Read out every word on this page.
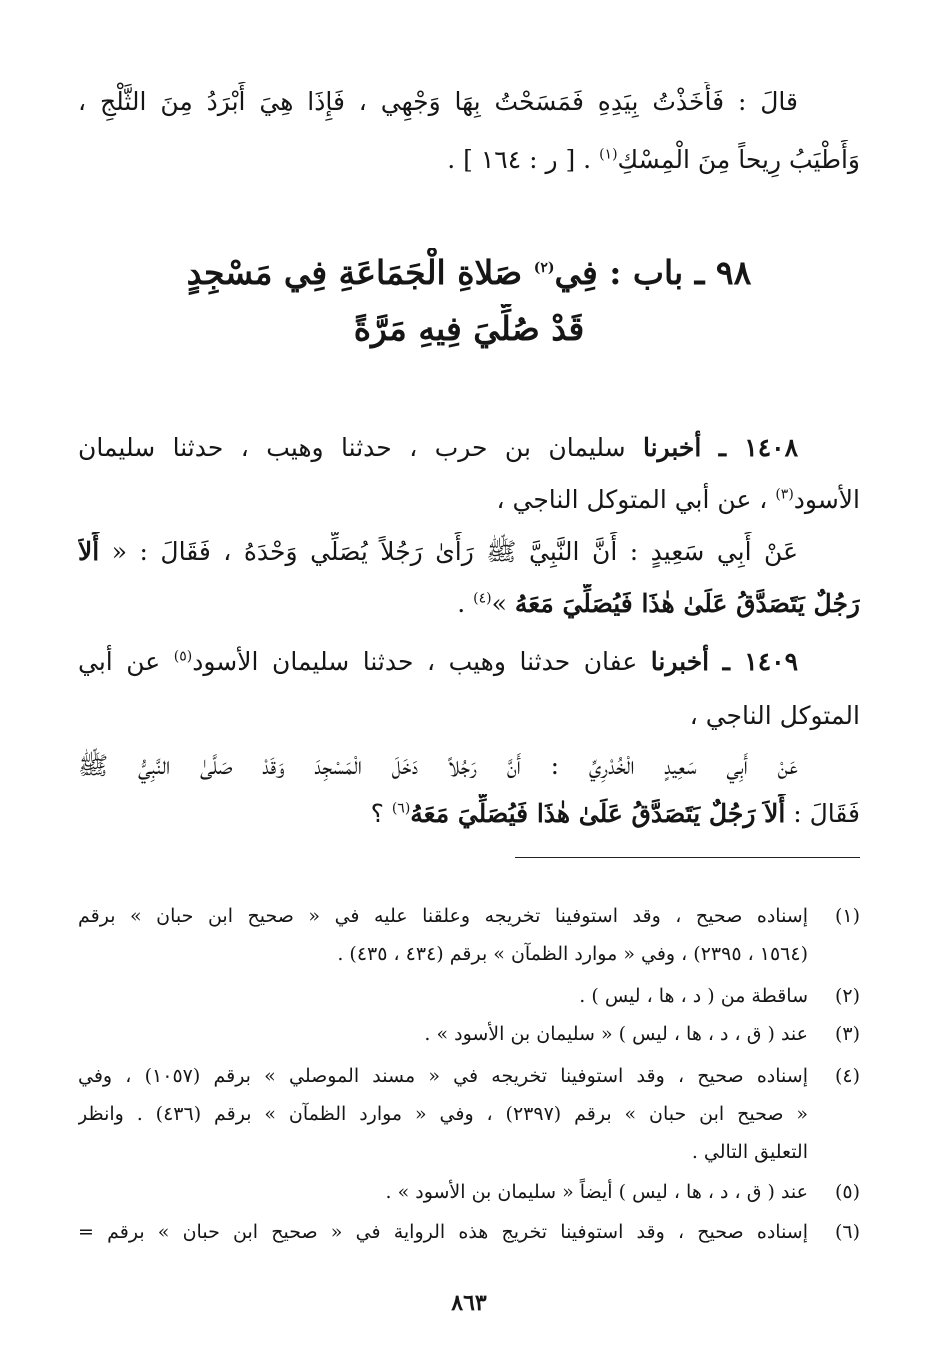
قالَ : فَأَخَذْتُ بِيَدِهِ فَمَسَحْتُ بِهَا وَجْهِي ، فَإِذَا هِيَ أَبْرَدُ مِنَ الثَّلْجِ ،
وَأَطْيَبُ رِيحاً مِنَ الْمِسْكِ$^{(١)}$ . [ ر : ١٦٤ ] .
٩٨ ـ باب : فِي$^{(٢)}$ صَلاةِ الْجَمَاعَةِ فِي مَسْجِدٍ
قَدْ صُلِّيَ فِيهِ مَرَّةً
١٤٠٨ ـ أخبرنا سليمان بن حرب ، حدثنا وهيب ، حدثنا سليمان
الأسود$^{(٣)}$ ، عن أبي المتوكل الناجي ،
عَنْ أَبِي سَعِيدٍ : أَنَّ النَّبِيَّ ﷺ رَأَىٰ رَجُلاً يُصَلِّي وَحْدَهُ ، فَقَالَ : « أَلاَ
رَجُلٌ يَتَصَدَّقُ عَلَىٰ هٰذَا فَيُصَلِّيَ مَعَهُ »$^{(٤)}$ .
١٤٠٩ ـ أخبرنا عفان حدثنا وهيب ، حدثنا سليمان الأسود$^{(٥)}$ عن أبي
المتوكل الناجي ،
عَنْ أَبِي سَعِيدٍ الْخُدْرِيِّ : أَنَّ رَجُلاً دَخَلَ الْمَسْجِدَ وَقَدْ صَلَّىٰ النَّبِيُّ ﷺ
فَقَالَ : أَلاَ رَجُلٌ يَتَصَدَّقُ عَلَىٰ هٰذَا فَيُصَلِّيَ مَعَهُ$^{(٦)}$ ؟
(١)
إسناده صحيح ، وقد استوفينا تخريجه وعلقنا عليه في « صحيح ابن حبان » برقم
(١٥٦٤ ، ٢٣٩٥) ، وفي « موارد الظمآن » برقم (٤٣٤ ، ٤٣٥) .
(٢)
ساقطة من ( د ، ها ، ليس ) .
(٣)
عند ( ق ، د ، ها ، ليس ) « سليمان بن الأسود » .
(٤)
إسناده صحيح ، وقد استوفينا تخريجه في « مسند الموصلي » برقم (١٠٥٧) ، وفي
« صحيح ابن حبان » برقم (٢٣٩٧) ، وفي « موارد الظمآن » برقم (٤٣٦) . وانظر
التعليق التالي .
(٥)
عند ( ق ، د ، ها ، ليس ) أيضاً « سليمان بن الأسود » .
(٦)
إسناده صحيح ، وقد استوفينا تخريج هذه الرواية في « صحيح ابن حبان » برقم =
٨٦٣
